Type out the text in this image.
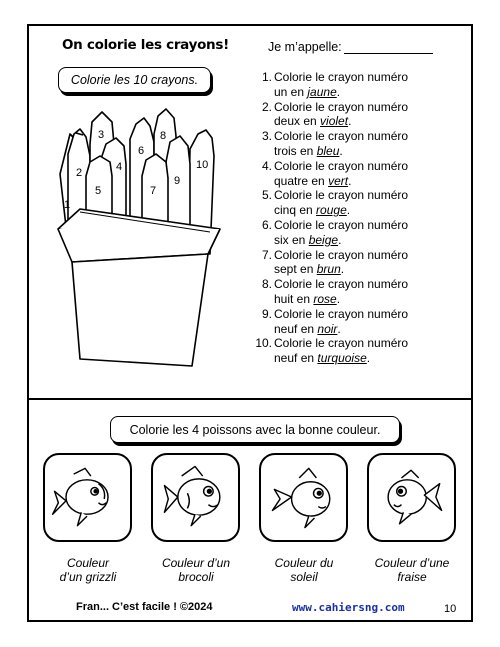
On colorie les crayons!	Je m’appelle:
Colorie les 10 crayons.
1
2
3
4
5
6
7
8
9
10
1. Colorie le crayon numéro
un en jaune.
2. Colorie le crayon numéro
deux en violet.
3. Colorie le crayon numéro
trois en bleu.
4. Colorie le crayon numéro
quatre en vert.
5. Colorie le crayon numéro
cinq en rouge.
6. Colorie le crayon numéro
six en beige.
7. Colorie le crayon numéro
sept en brun.
8. Colorie le crayon numéro
huit en rose.
9. Colorie le crayon numéro
neuf en noir.
10. Colorie le crayon numéro
neuf en turquoise.
Colorie les 4 poissons avec la bonne couleur.
Couleur
d’un grizzli
Couleur d’un
brocoli
Couleur du
soleil
Couleur d’une
fraise
Fran... C’est facile ! ©2024	www.cahiersng.com	10
